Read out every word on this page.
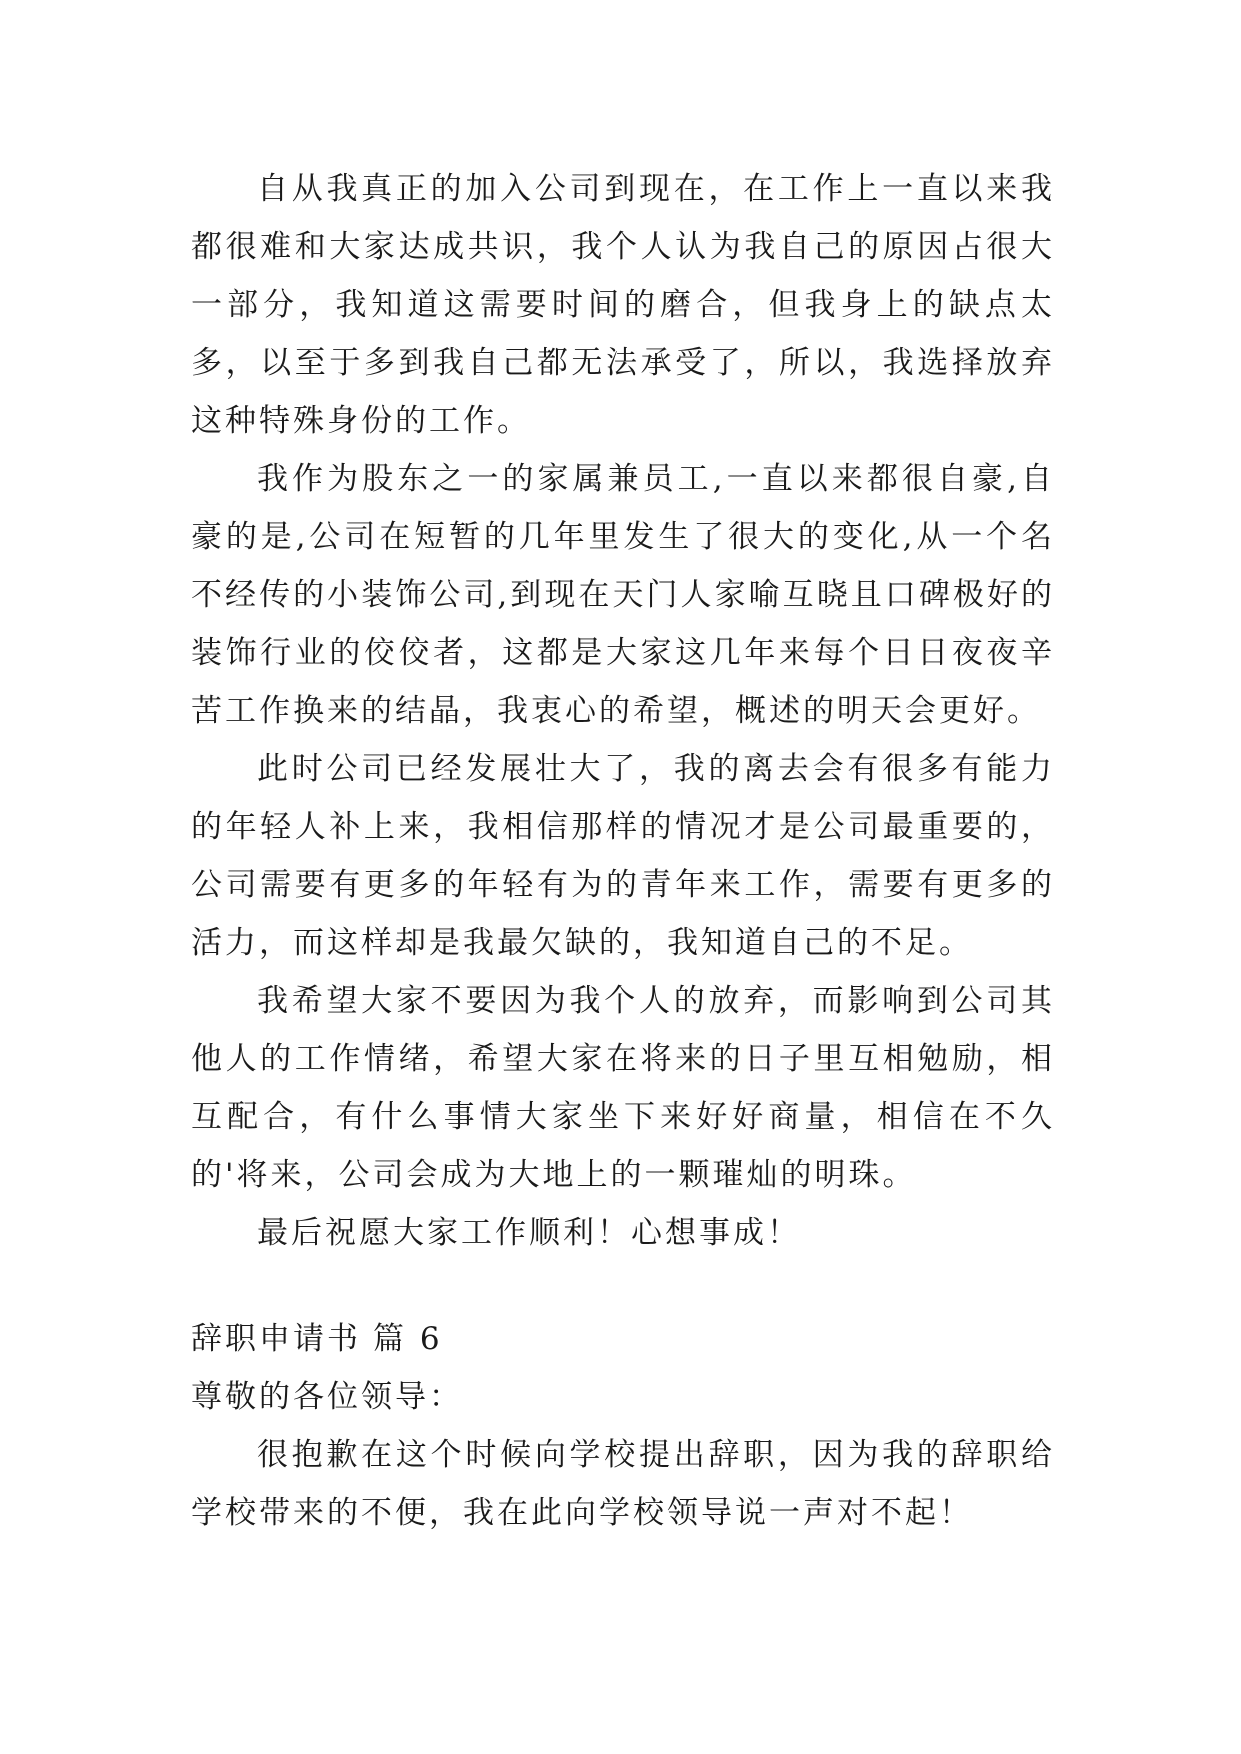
自从我真正的加入公司到现在，在工作上一直以来我都很难和大家达成共识，我个人认为我自己的原因占很大一部分，我知道这需要时间的磨合，但我身上的缺点太多，以至于多到我自己都无法承受了，所以，我选择放弃这种特殊身份的工作。

我作为股东之一的家属兼员工,一直以来都很自豪,自豪的是,公司在短暂的几年里发生了很大的变化,从一个名不经传的小装饰公司,到现在天门人家喻互晓且口碑极好的装饰行业的佼佼者，这都是大家这几年来每个日日夜夜辛苦工作换来的结晶，我衷心的希望，概述的明天会更好。

此时公司已经发展壮大了，我的离去会有很多有能力的年轻人补上来，我相信那样的情况才是公司最重要的，公司需要有更多的年轻有为的青年来工作，需要有更多的活力，而这样却是我最欠缺的，我知道自己的不足。

我希望大家不要因为我个人的放弃，而影响到公司其他人的工作情绪，希望大家在将来的日子里互相勉励，相互配合，有什么事情大家坐下来好好商量，相信在不久的'将来，公司会成为大地上的一颗璀灿的明珠。

最后祝愿大家工作顺利！心想事成！

辞职申请书 篇 6

尊敬的各位领导：

很抱歉在这个时候向学校提出辞职，因为我的辞职给学校带来的不便，我在此向学校领导说一声对不起！
